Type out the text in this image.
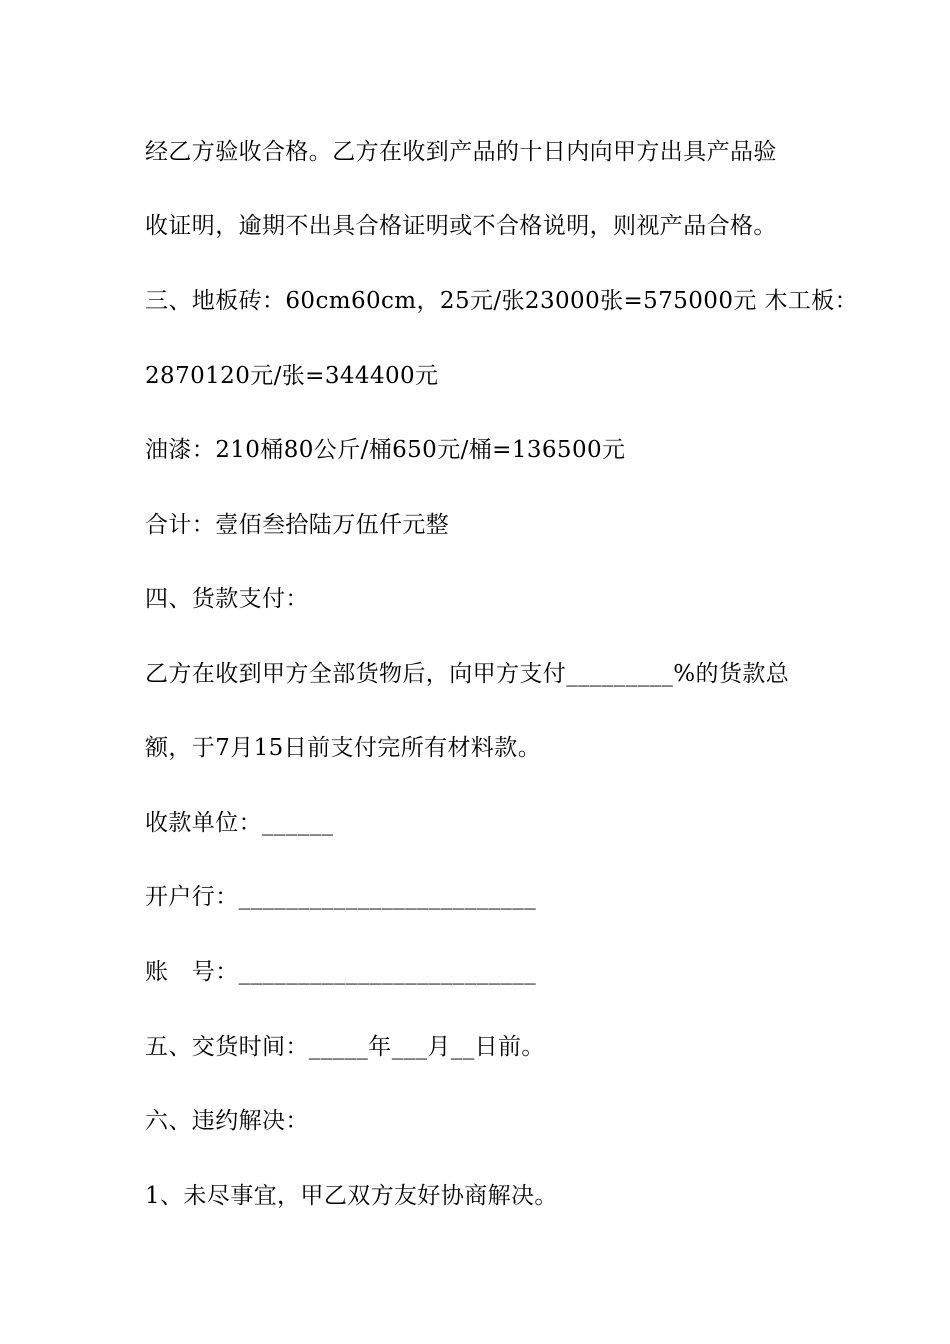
经乙方验收合格。乙方在收到产品的十日内向甲方出具产品验
收证明，逾期不出具合格证明或不合格说明，则视产品合格。
三、地板砖：60cm60cm，25元/张23000张=575000元 木工板：
2870120元/张=344400元
油漆：210桶80公斤/桶650元/桶=136500元
合计：壹佰叁拾陆万伍仟元整
四、货款支付：
乙方在收到甲方全部货物后，向甲方支付_________%的货款总
额，于7月15日前支付完所有材料款。
收款单位：______
开户行：_________________________
账　号：_________________________
五、交货时间：_____年___月__日前。
六、违约解决：
1、未尽事宜，甲乙双方友好协商解决。
